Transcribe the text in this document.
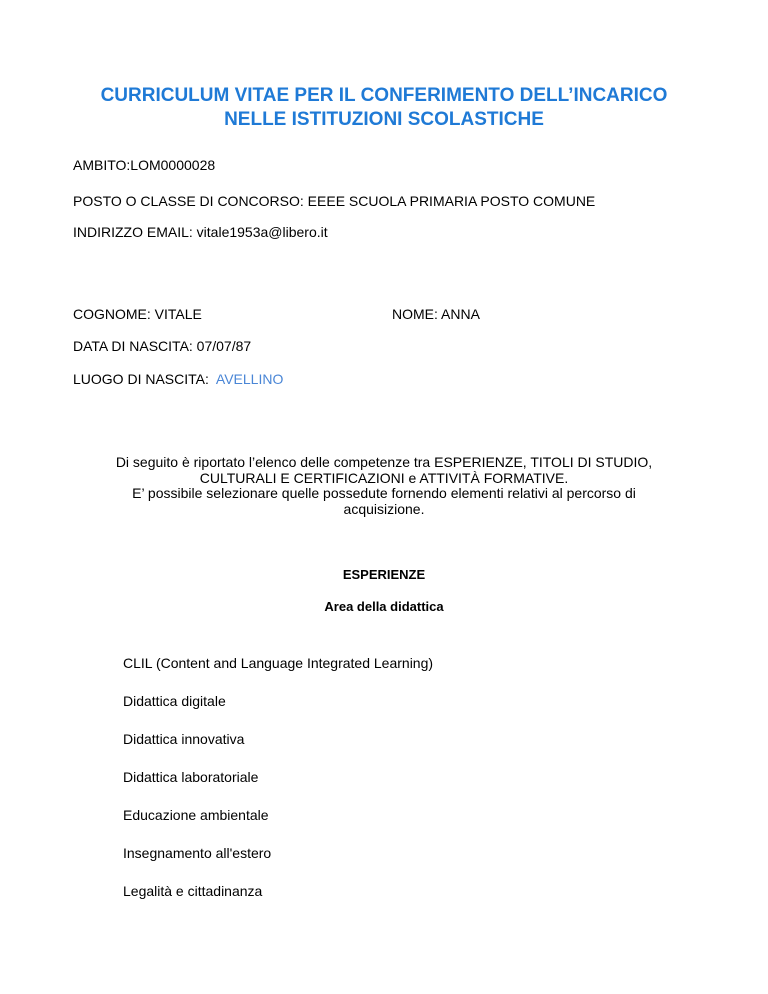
CURRICULUM VITAE PER IL CONFERIMENTO DELL’INCARICO
NELLE ISTITUZIONI SCOLASTICHE
AMBITO:LOM0000028
POSTO O CLASSE DI CONCORSO: EEEE SCUOLA PRIMARIA POSTO COMUNE
INDIRIZZO EMAIL: vitale1953a@libero.it
COGNOME: VITALE	NOME: ANNA
DATA DI NASCITA: 07/07/87
LUOGO DI NASCITA:  AVELLINO
Di seguito è riportato l’elenco delle competenze tra ESPERIENZE, TITOLI DI STUDIO,
CULTURALI E CERTIFICAZIONI e ATTIVITÀ FORMATIVE.
E’ possibile selezionare quelle possedute fornendo elementi relativi al percorso di
acquisizione.
ESPERIENZE
Area della didattica
CLIL (Content and Language Integrated Learning)
Didattica digitale
Didattica innovativa
Didattica laboratoriale
Educazione ambientale
Insegnamento all'estero
Legalità e cittadinanza
